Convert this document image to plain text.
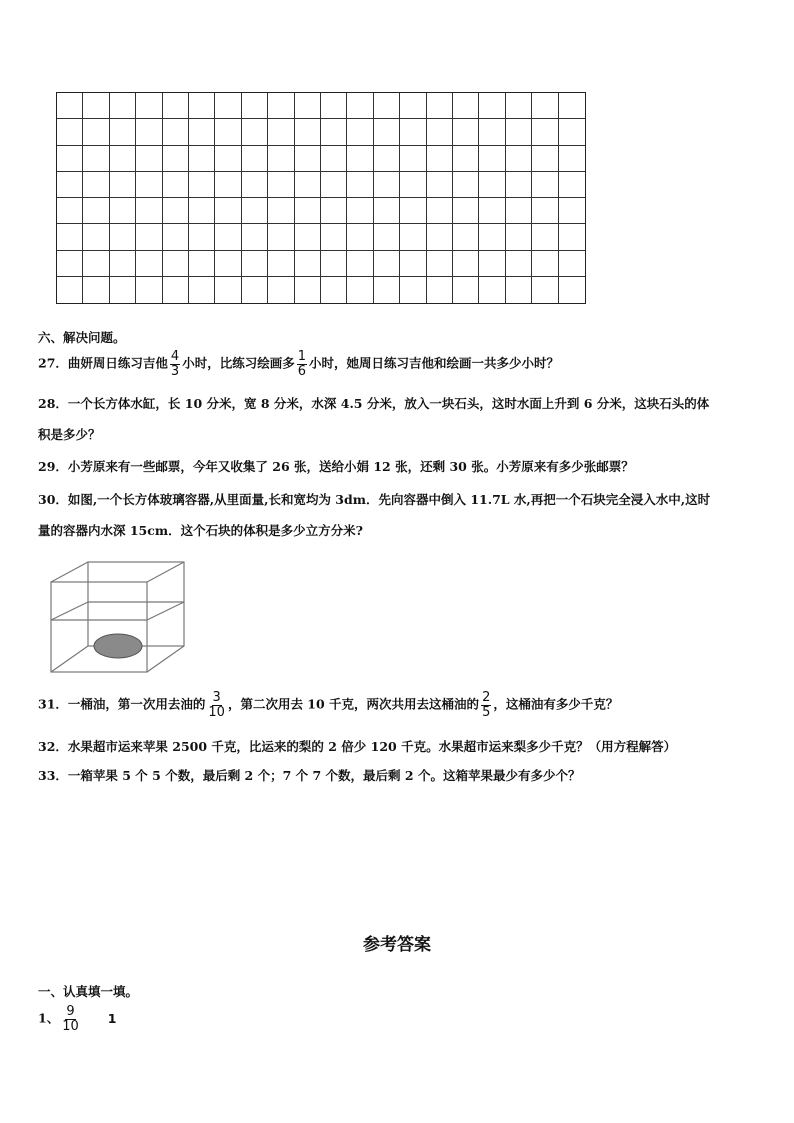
六、解决问题。
27．曲妍周日练习吉他 $\frac{4}{3}$ 小时，比练习绘画多 $\frac{1}{6}$ 小时，她周日练习吉他和绘画一共多少小时？
28．一个长方体水缸，长 10 分米，宽 8 分米，水深 4.5 分米，放入一块石头，这时水面上升到 6 分米，这块石头的体
积是多少？
29．小芳原来有一些邮票，今年又收集了 26 张，送给小娟 12 张，还剩 30 张。小芳原来有多少张邮票？
30．如图,一个长方体玻璃容器,从里面量,长和宽均为 3dm．先向容器中倒入 11.7L 水,再把一个石块完全浸入水中,这时
量的容器内水深 15cm．这个石块的体积是多少立方分米?
31．一桶油，第一次用去油的 $\frac{3}{10}$ ，第二次用去 10 千克，两次共用去这桶油的 $\frac{2}{5}$ ，这桶油有多少千克？
32．水果超市运来苹果 2500 千克，比运来的梨的 2 倍少 120 千克。水果超市运来梨多少千克？（用方程解答）
33．一箱苹果 5 个 5 个数，最后剩 2 个；7 个 7 个数，最后剩 2 个。这箱苹果最少有多少个？
参考答案
一、认真填一填。
1、 $\frac{9}{10} 1$
